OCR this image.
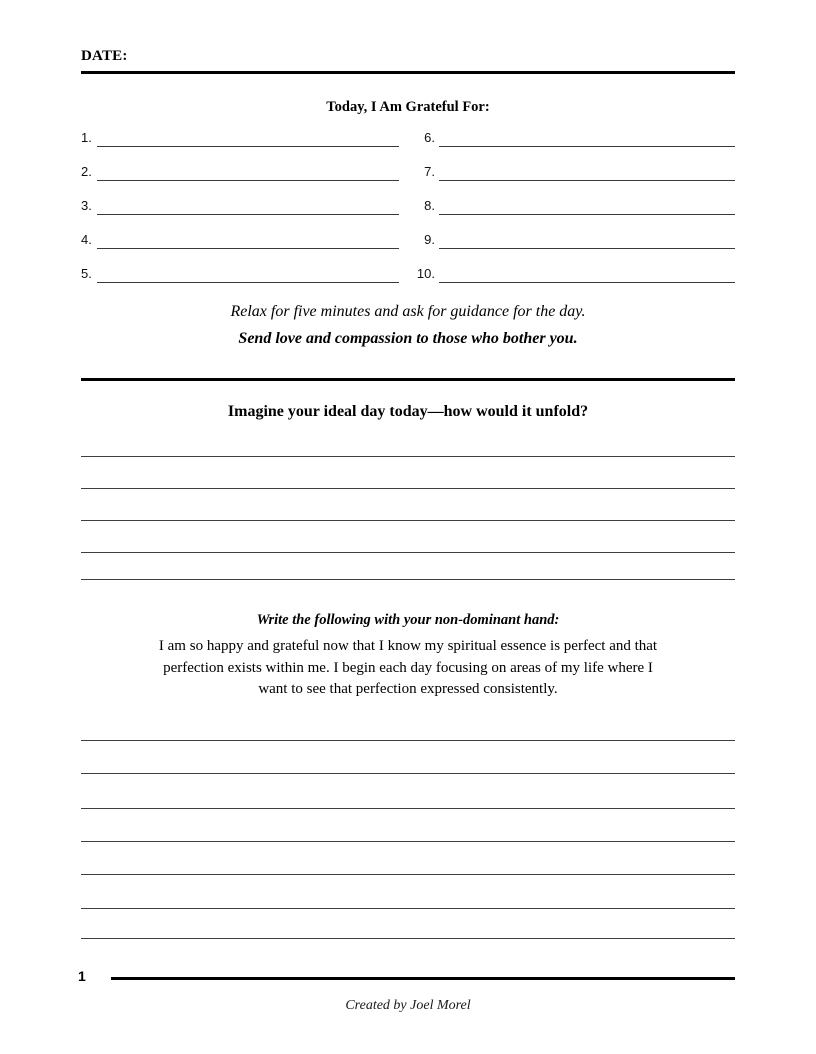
DATE:
Today, I Am Grateful For:
1.
2.
3.
4.
5.
6.
7.
8.
9.
10.
Relax for five minutes and ask for guidance for the day.
Send love and compassion to those who bother you.
Imagine your ideal day today—how would it unfold?
Write the following with your non-dominant hand:
I am so happy and grateful now that I know my spiritual essence is perfect and that perfection exists within me. I begin each day focusing on areas of my life where I want to see that perfection expressed consistently.
1
Created by Joel Morel
